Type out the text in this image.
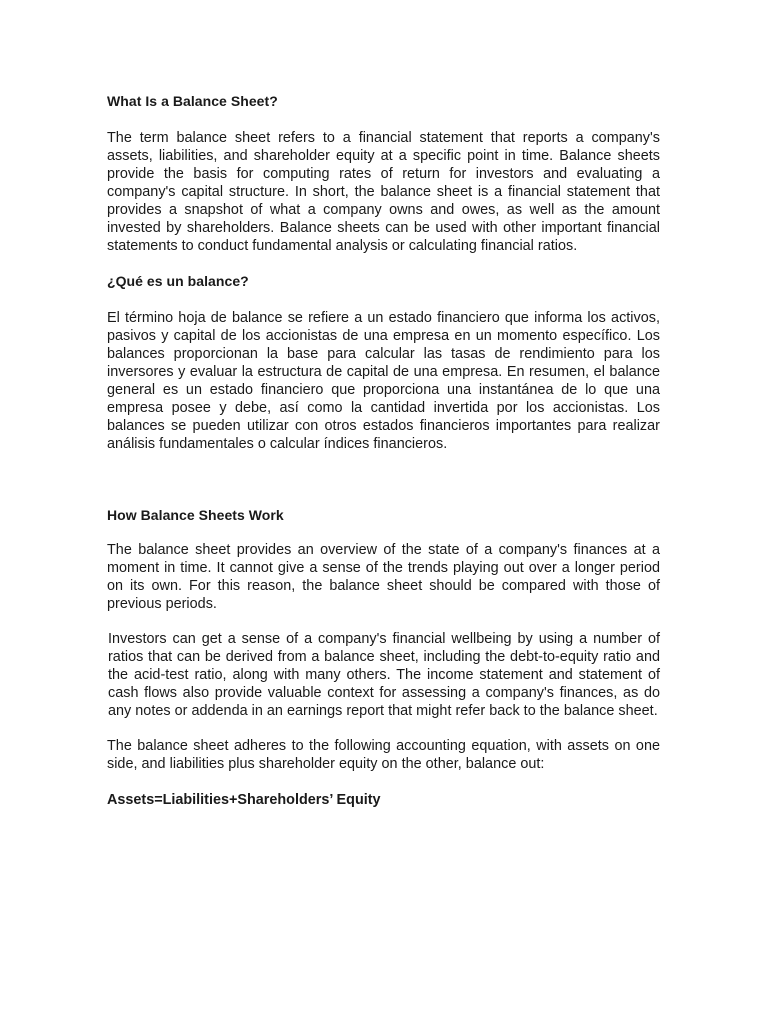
What Is a Balance Sheet?

The term balance sheet refers to a financial statement that reports a company's assets, liabilities, and shareholder equity at a specific point in time. Balance sheets provide the basis for computing rates of return for investors and evaluating a company's capital structure. In short, the balance sheet is a financial statement that provides a snapshot of what a company owns and owes, as well as the amount invested by shareholders. Balance sheets can be used with other important financial statements to conduct fundamental analysis or calculating financial ratios.

¿Qué es un balance?

El término hoja de balance se refiere a un estado financiero que informa los activos, pasivos y capital de los accionistas de una empresa en un momento específico. Los balances proporcionan la base para calcular las tasas de rendimiento para los inversores y evaluar la estructura de capital de una empresa. En resumen, el balance general es un estado financiero que proporciona una instantánea de lo que una empresa posee y debe, así como la cantidad invertida por los accionistas. Los balances se pueden utilizar con otros estados financieros importantes para realizar análisis fundamentales o calcular índices financieros.

How Balance Sheets Work

The balance sheet provides an overview of the state of a company's finances at a moment in time. It cannot give a sense of the trends playing out over a longer period on its own. For this reason, the balance sheet should be compared with those of previous periods.

Investors can get a sense of a company's financial wellbeing by using a number of ratios that can be derived from a balance sheet, including the debt-to-equity ratio and the acid-test ratio, along with many others. The income statement and statement of cash flows also provide valuable context for assessing a company's finances, as do any notes or addenda in an earnings report that might refer back to the balance sheet.

The balance sheet adheres to the following accounting equation, with assets on one side, and liabilities plus shareholder equity on the other, balance out:

Assets=Liabilities+Shareholders’ Equity
